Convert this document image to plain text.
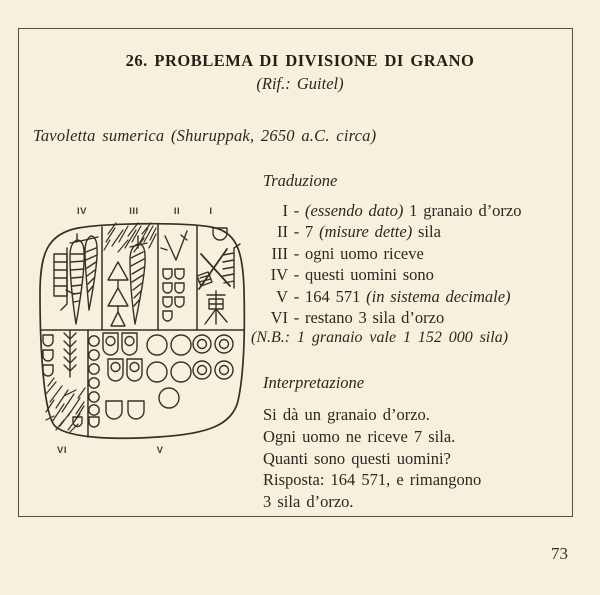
26. PROBLEMA DI DIVISIONE DI GRANO
(Rif.: Guitel)
Tavoletta sumerica (Shuruppak, 2650 a.C. circa)
IV	III	II	I
VI	V
Traduzione
I - (essendo dato) 1 granaio d’orzo
II - 7 (misure dette) sila
III - ogni uomo riceve
IV - questi uomini sono
V - 164 571 (in sistema decimale)
VI - restano 3 sila d’orzo
(N.B.: 1 granaio vale 1 152 000 sila)
Interpretazione
Si dà un granaio d’orzo.
Ogni uomo ne riceve 7 sila.
Quanti sono questi uomini?
Risposta: 164 571, e rimangono
3 sila d’orzo.
73
